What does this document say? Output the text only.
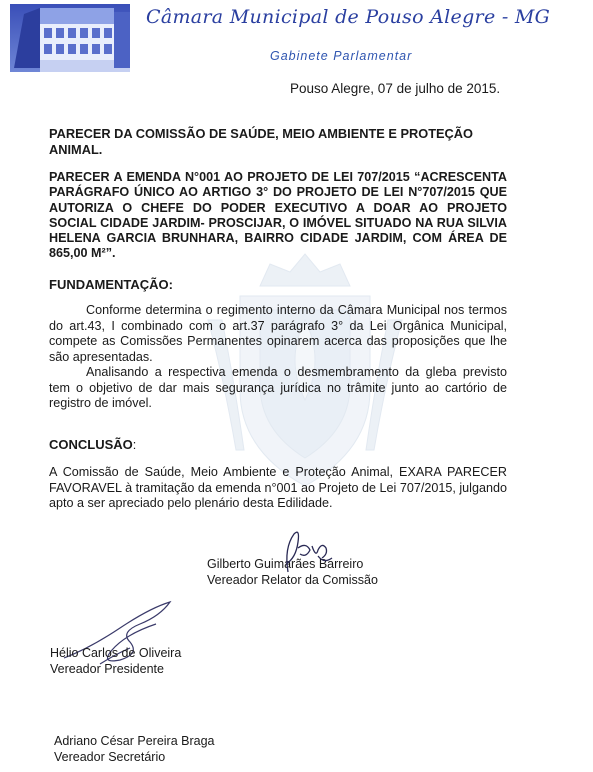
Câmara Municipal de Pouso Alegre - MG
Gabinete Parlamentar
Pouso Alegre, 07 de julho de 2015.
PARECER DA COMISSÃO DE SAÚDE, MEIO AMBIENTE E PROTEÇÃO ANIMAL.
PARECER A EMENDA N°001 AO PROJETO DE LEI 707/2015 “ACRESCENTA PARÁGRAFO ÚNICO AO ARTIGO 3° DO PROJETO DE LEI N°707/2015 QUE AUTORIZA O CHEFE DO PODER EXECUTIVO A DOAR AO PROJETO SOCIAL CIDADE JARDIM- PROSCIJAR, O IMÓVEL SITUADO NA RUA SILVIA HELENA GARCIA BRUNHARA, BAIRRO CIDADE JARDIM, COM ÁREA DE 865,00 M²”.
FUNDAMENTAÇÃO:
Conforme determina o regimento interno da Câmara Municipal nos termos do art.43, I combinado com o art.37 parágrafo 3° da Lei Orgânica Municipal, compete as Comissões Permanentes opinarem acerca das proposições que lhe são apresentadas.
Analisando a respectiva emenda o desmembramento da gleba previsto tem o objetivo de dar mais segurança jurídica no trâmite junto ao cartório de registro de imóvel.
CONCLUSÃO:
A Comissão de Saúde, Meio Ambiente e Proteção Animal, EXARA PARECER FAVORAVEL à tramitação da emenda n°001 ao Projeto de Lei 707/2015, julgando apto a ser apreciado pelo plenário desta Edilidade.
Gilberto Guimarães Barreiro
Vereador Relator da Comissão
Hélio Carlos de Oliveira
Vereador Presidente
Adriano César Pereira Braga
Vereador Secretário
